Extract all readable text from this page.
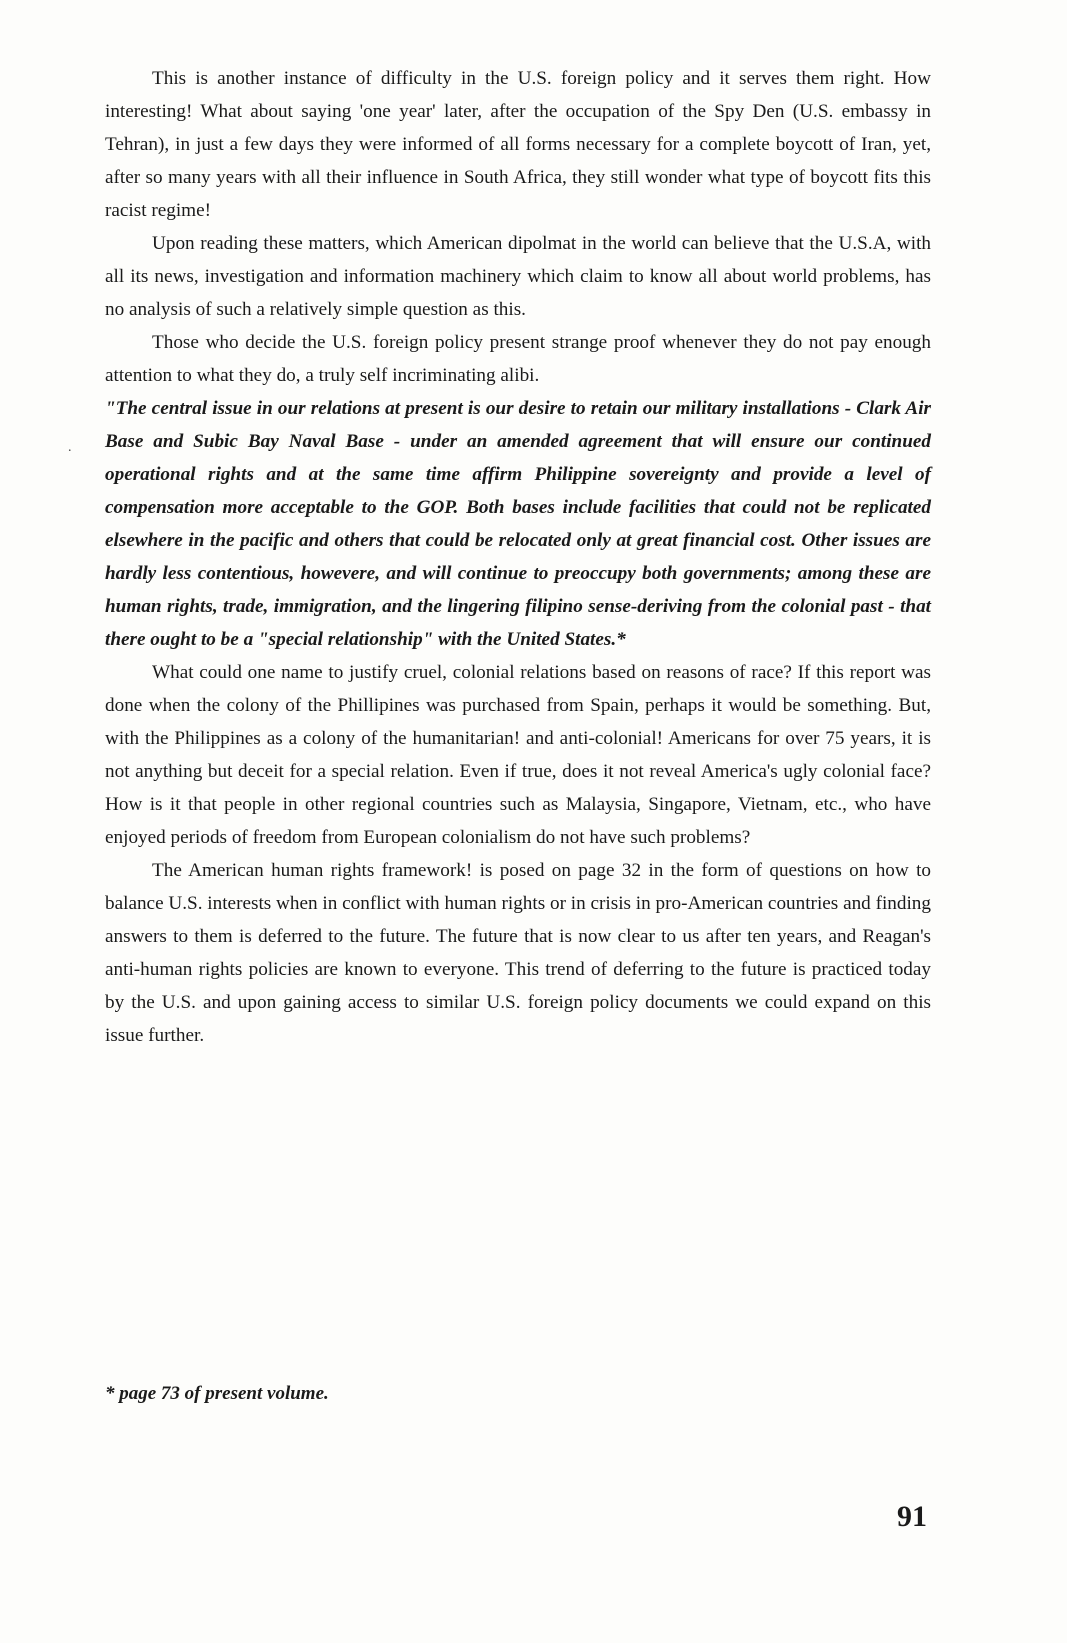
.

This is another instance of difficulty in the U.S. foreign policy and it serves them right. How interesting! What about saying 'one year' later, after the occupation of the Spy Den (U.S. embassy in Tehran), in just a few days they were informed of all forms necessary for a complete boycott of Iran, yet, after so many years with all their influence in South Africa, they still wonder what type of boycott fits this racist regime!

Upon reading these matters, which American dipolmat in the world can believe that the U.S.A, with all its news, investigation and information machinery which claim to know all about world problems, has no analysis of such a relatively simple question as this.

Those who decide the U.S. foreign policy present strange proof whenever they do not pay enough attention to what they do, a truly self incriminating alibi.

"The central issue in our relations at present is our desire to retain our military installations - Clark Air Base and Subic Bay Naval Base - under an amended agreement that will ensure our continued operational rights and at the same time affirm Philippine sovereignty and provide a level of compensation more acceptable to the GOP. Both bases include facilities that could not be replicated elsewhere in the pacific and others that could be relocated only at great financial cost. Other issues are hardly less contentious, howevere, and will continue to preoccupy both governments; among these are human rights, trade, immigration, and the lingering filipino sense-deriving from the colonial past - that there ought to be a "special relationship" with the United States.*

What could one name to justify cruel, colonial relations based on reasons of race? If this report was done when the colony of the Phillipines was purchased from Spain, perhaps it would be something. But, with the Philippines as a colony of the humanitarian! and anti-colonial! Americans for over 75 years, it is not anything but deceit for a special relation. Even if true, does it not reveal America's ugly colonial face? How is it that people in other regional countries such as Malaysia, Singapore, Vietnam, etc., who have enjoyed periods of freedom from European colonialism do not have such problems?

The American human rights framework! is posed on page 32 in the form of questions on how to balance U.S. interests when in conflict with human rights or in crisis in pro-American countries and finding answers to them is deferred to the future. The future that is now clear to us after ten years, and Reagan's anti-human rights policies are known to everyone. This trend of deferring to the future is practiced today by the U.S. and upon gaining access to similar U.S. foreign policy documents we could expand on this issue further.

* page 73 of present volume.
91
